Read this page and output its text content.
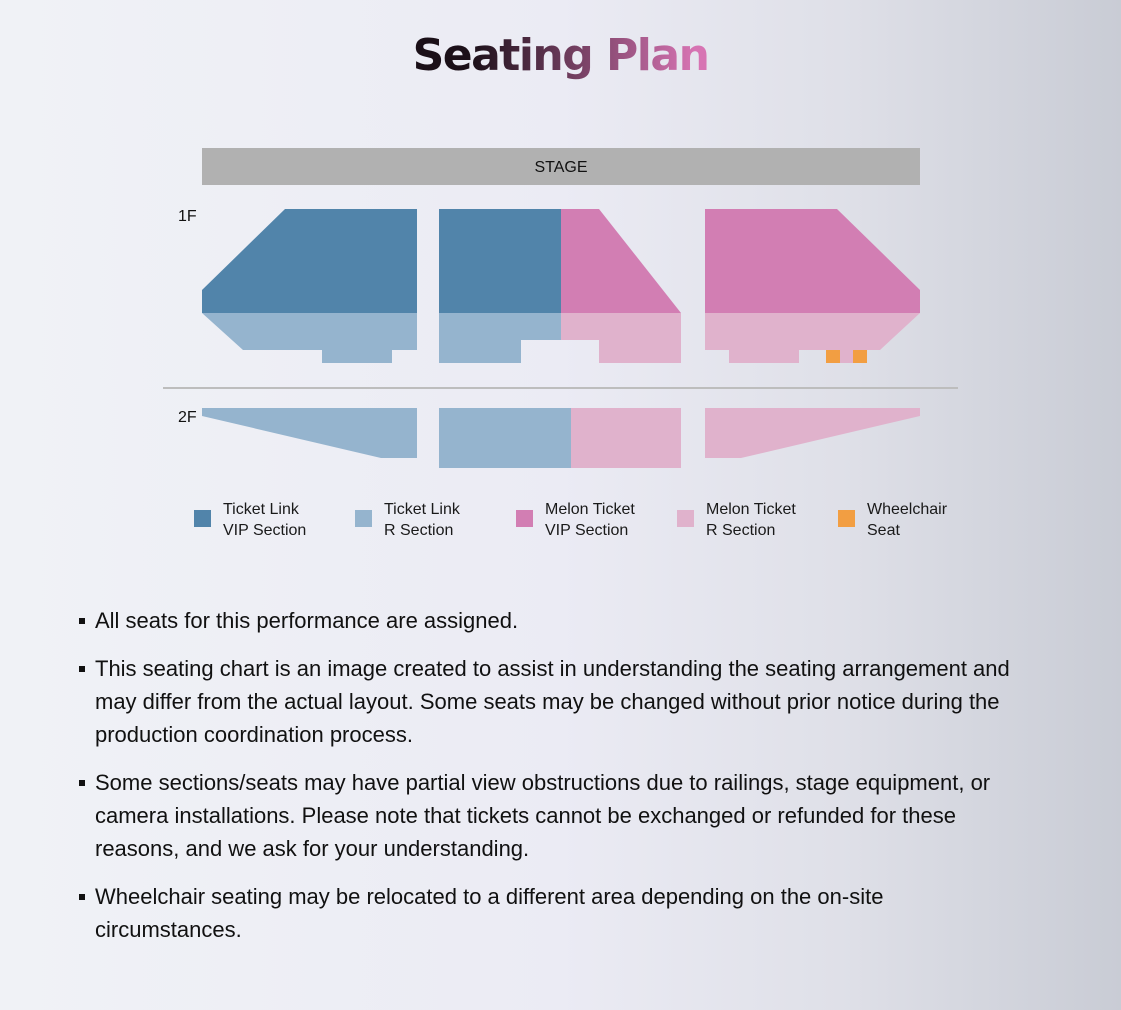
Seating Plan
STAGE
1F
2F
Ticket Link
VIP Section
Ticket Link
R Section
Melon Ticket
VIP Section
Melon Ticket
R Section
Wheelchair
Seat
All seats for this performance are assigned.
This seating chart is an image created to assist in understanding the seating arrangement and may differ from the actual layout. Some seats may be changed without prior notice during the production coordination process.
Some sections/seats may have partial view obstructions due to railings, stage equipment, or camera installations. Please note that tickets cannot be exchanged or refunded for these reasons, and we ask for your understanding.
Wheelchair seating may be relocated to a different area depending on the on-site circumstances.
